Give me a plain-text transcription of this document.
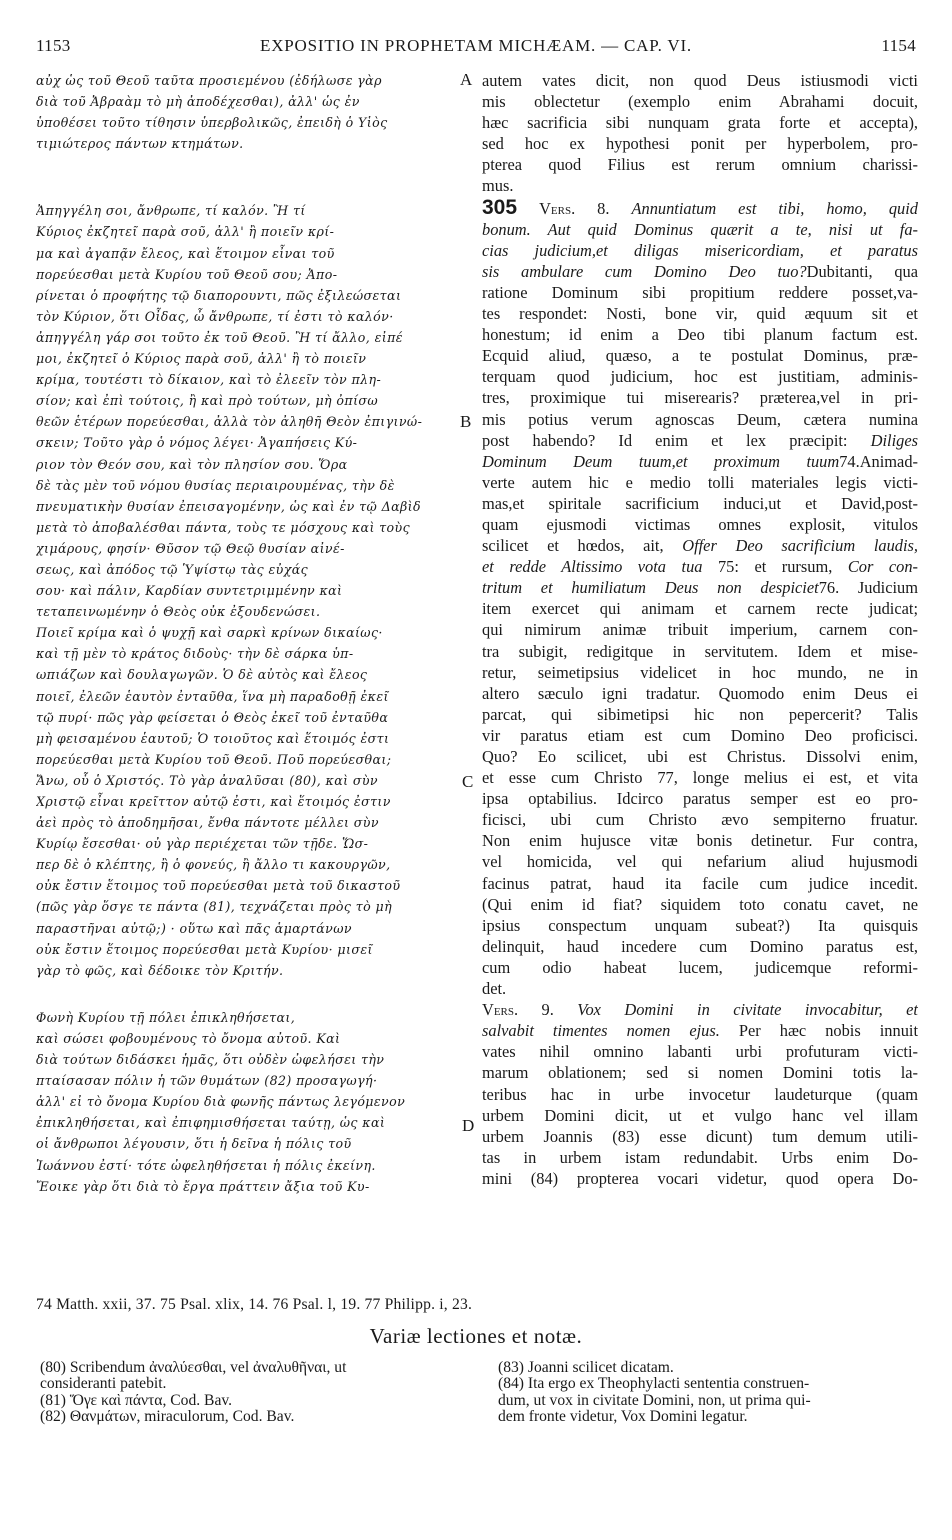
1153	EXPOSITIO IN PROPHETAM MICHÆAM. — CAP. VI.	1154
A
B
C
D
αὐχ ὡς τοῦ Θεοῦ ταῦτα προσιεμένου (ἐδήλωσε γὰρ
διὰ τοῦ Ἀβραὰμ τὸ μὴ ἀποδέχεσθαι), ἀλλ' ὡς ἐν
ὑποθέσει τοῦτο τίθησιν ὑπερβολικῶς, ἐπειδὴ ὁ Υἱὸς
τιμιώτερος πάντων κτημάτων.
Ἀπηγγέλη σοι, ἄνθρωπε, τί καλόν. Ἢ τί
Κύριος ἐκζητεῖ παρὰ σοῦ, ἀλλ' ἢ ποιεῖν κρί-
μα καὶ ἀγαπᾷν ἔλεος, καὶ ἕτοιμον εἶναι τοῦ
πορεύεσθαι μετὰ Κυρίου τοῦ Θεοῦ σου; Ἀπο-
ρίνεται ὁ προφήτης τῷ διαπορουντι, πῶς ἐξιλεώσεται
τὸν Κύριον, ὅτι Οἶδας, ὦ ἄνθρωπε, τί ἐστι τὸ καλόν·
ἀπηγγέλη γάρ σοι τοῦτο ἐκ τοῦ Θεοῦ. Ἢ τί ἄλλο, εἰπέ
μοι, ἐκζητεῖ ὁ Κύριος παρὰ σοῦ, ἀλλ' ἢ τὸ ποιεῖν
κρίμα, τουτέστι τὸ δίκαιον, καὶ τὸ ἐλεεῖν τὸν πλη-
σίον; καὶ ἐπὶ τούτοις, ἢ καὶ πρὸ τούτων, μὴ ὀπίσω
θεῶν ἑτέρων πορεύεσθαι, ἀλλὰ τὸν ἀληθῆ Θεὸν ἐπιγινώ-
σκειν; Τοῦτο γὰρ ὁ νόμος λέγει· Ἀγαπήσεις Κύ-
ριον τὸν Θεόν σου, καὶ τὸν πλησίον σου. Ὅρα
δὲ τὰς μὲν τοῦ νόμου θυσίας περιαιρουμένας, τὴν δὲ
πνευματικὴν θυσίαν ἐπεισαγομένην, ὡς καὶ ἐν τῷ Δαβὶδ
μετὰ τὸ ἀποβαλέσθαι πάντα, τοὺς τε μόσχους καὶ τοὺς
χιμάρους, φησίν· Θῦσον τῷ Θεῷ θυσίαν αἰνέ-
σεως, καὶ ἀπόδος τῷ Ὑψίστῳ τὰς εὐχάς
σου· καὶ πάλιν, Καρδίαν συντετριμμένην καὶ
τεταπεινωμένην ὁ Θεὸς οὐκ ἐξουδενώσει.
Ποιεῖ κρίμα καὶ ὁ ψυχῇ καὶ σαρκὶ κρίνων δικαίως·
καὶ τῇ μὲν τὸ κράτος διδοὺς· τὴν δὲ σάρκα ὑπ-
ωπιάζων καὶ δουλαγωγῶν. Ὁ δὲ αὐτὸς καὶ ἔλεος
ποιεῖ, ἐλεῶν ἑαυτὸν ἐνταῦθα, ἵνα μὴ παραδοθῇ ἐκεῖ
τῷ πυρί· πῶς γὰρ φείσεται ὁ Θεὸς ἐκεῖ τοῦ ἐνταῦθα
μὴ φεισαμένου ἑαυτοῦ; Ὁ τοιοῦτος καὶ ἕτοιμός ἐστι
πορεύεσθαι μετὰ Κυρίου τοῦ Θεοῦ. Ποῦ πορεύεσθαι;
Ἄνω, οὗ ὁ Χριστός. Τὸ γὰρ ἀναλῦσαι (80), καὶ σὺν
Χριστῷ εἶναι κρεῖττον αὐτῷ ἐστι, καὶ ἕτοιμός ἐστιν
ἀεὶ πρὸς τὸ ἀποδημῆσαι, ἔνθα πάντοτε μέλλει σὺν
Κυρίῳ ἔσεσθαι· οὐ γὰρ περιέχεται τῶν τῇδε. Ὥσ-
περ δὲ ὁ κλέπτης, ἢ ὁ φονεύς, ἢ ἄλλο τι κακουργῶν,
οὐκ ἔστιν ἕτοιμος τοῦ πορεύεσθαι μετὰ τοῦ δικαστοῦ
(πῶς γὰρ ὅσγε τε πάντα (81), τεχνάζεται πρὸς τὸ μὴ
παραστῆναι αὐτῷ;) · οὕτω καὶ πᾶς ἁμαρτάνων
οὐκ ἔστιν ἕτοιμος πορεύεσθαι μετὰ Κυρίου· μισεῖ
γὰρ τὸ φῶς, καὶ δέδοικε τὸν Κριτήν.
Φωνὴ Κυρίου τῇ πόλει ἐπικληθήσεται,
καὶ σώσει φοβουμένους τὸ ὄνομα αὐτοῦ. Καὶ
διὰ τούτων διδάσκει ἡμᾶς, ὅτι οὐδὲν ὠφελήσει τὴν
πταίσασαν πόλιν ἡ τῶν θυμάτων (82) προσαγωγή·
ἀλλ' εἰ τὸ ὄνομα Κυρίου διὰ φωνῆς πάντως λεγόμενον
ἐπικληθήσεται, καὶ ἐπιφημισθήσεται ταύτῃ, ὡς καὶ
οἱ ἄνθρωποι λέγουσιν, ὅτι ἡ δεῖνα ἡ πόλις τοῦ
Ἰωάννου ἐστί· τότε ὠφεληθήσεται ἡ πόλις ἐκείνη.
Ἔοικε γὰρ ὅτι διὰ τὸ ἔργα πράττειν ἄξια τοῦ Κυ-
autem vates dicit, non quod Deus istiusmodi victi
mis oblectetur (exemplo enim Abrahami docuit,
hæc sacrificia sibi nunquam grata forte et accepta),
sed hoc ex hypothesi ponit per hyperbolem, pro-
pterea quod Filius est rerum omnium charissi-
mus.
305 Vers. 8. Annuntiatum est tibi, homo, quid
bonum. Aut quid Dominus quærit a te, nisi ut fa-
cias judicium,et diligas misericordiam, et paratus
sis ambulare cum Domino Deo tuo?Dubitanti, qua
ratione Dominum sibi propitium reddere posset,va-
tes respondet: Nosti, bone vir, quid æquum sit et
honestum; id enim a Deo tibi planum factum est.
Ecquid aliud, quæso, a te postulat Dominus, præ-
terquam quod judicium, hoc est justitiam, adminis-
tres, proximique tui miserearis? præterea,vel in pri-
mis potius verum agnoscas Deum, cætera numina
post habendo? Id enim et lex præcipit: Diliges
Dominum Deum tuum,et proximum tuum74.Animad-
verte autem hic e medio tolli materiales legis victi-
mas,et spiritale sacrificium induci,ut et David,post-
quam ejusmodi victimas omnes explosit, vitulos
scilicet et hœdos, ait, Offer Deo sacrificium laudis,
et redde Altissimo vota tua 75: et rursum, Cor con-
tritum et humiliatum Deus non despiciet76. Judicium
item exercet qui animam et carnem recte judicat;
qui nimirum animæ tribuit imperium, carnem con-
tra subigit, redigitque in servitutem. Idem et mise-
retur, seimetipsius videlicet in hoc mundo, ne in
altero sæculo igni tradatur. Quomodo enim Deus ei
parcat, qui sibimetipsi hic non pepercerit? Talis
vir paratus etiam est cum Domino Deo proficisci.
Quo? Eo scilicet, ubi est Christus. Dissolvi enim,
et esse cum Christo 77, longe melius ei est, et vita
ipsa optabilius. Idcirco paratus semper est eo pro-
ficisci, ubi cum Christo ævo sempiterno fruatur.
Non enim hujusce vitæ bonis detinetur. Fur contra,
vel homicida, vel qui nefarium aliud hujusmodi
facinus patrat, haud ita facile cum judice incedit.
(Qui enim id fiat? siquidem toto conatu cavet, ne
ipsius conspectum unquam subeat?) Ita quisquis
delinquit, haud incedere cum Domino paratus est,
cum odio habeat lucem, judicemque reformi-
det.
Vers. 9. Vox Domini in civitate invocabitur, et
salvabit timentes nomen ejus. Per hæc nobis innuit
vates nihil omnino labanti urbi profuturam victi-
marum oblationem; sed si nomen Domini totis la-
teribus hac in urbe invocetur laudeturque (quam
urbem Domini dicit, ut et vulgo hanc vel illam
urbem Joannis (83) esse dicunt) tum demum utili-
tas in urbem istam redundabit. Urbs enim Do-
mini (84) propterea vocari videtur, quod opera Do-
74 Matth. xxii, 37. 75 Psal. xlix, 14. 76 Psal. l, 19. 77 Philipp. i, 23.
Variæ lectiones et notæ.
(80) Scribendum ἀναλύεσθαι, vel ἀναλυθῆναι, ut
consideranti patebit.
(81) Ὅγε καὶ πάντα, Cod. Bav.
(82) Θανμάτων, miraculorum, Cod. Bav.
(83) Joanni scilicet dicatam.
(84) Ita ergo ex Theophylacti sententia construen-
dum, ut vox in civitate Domini, non, ut prima qui-
dem fronte videtur, Vox Domini legatur.
